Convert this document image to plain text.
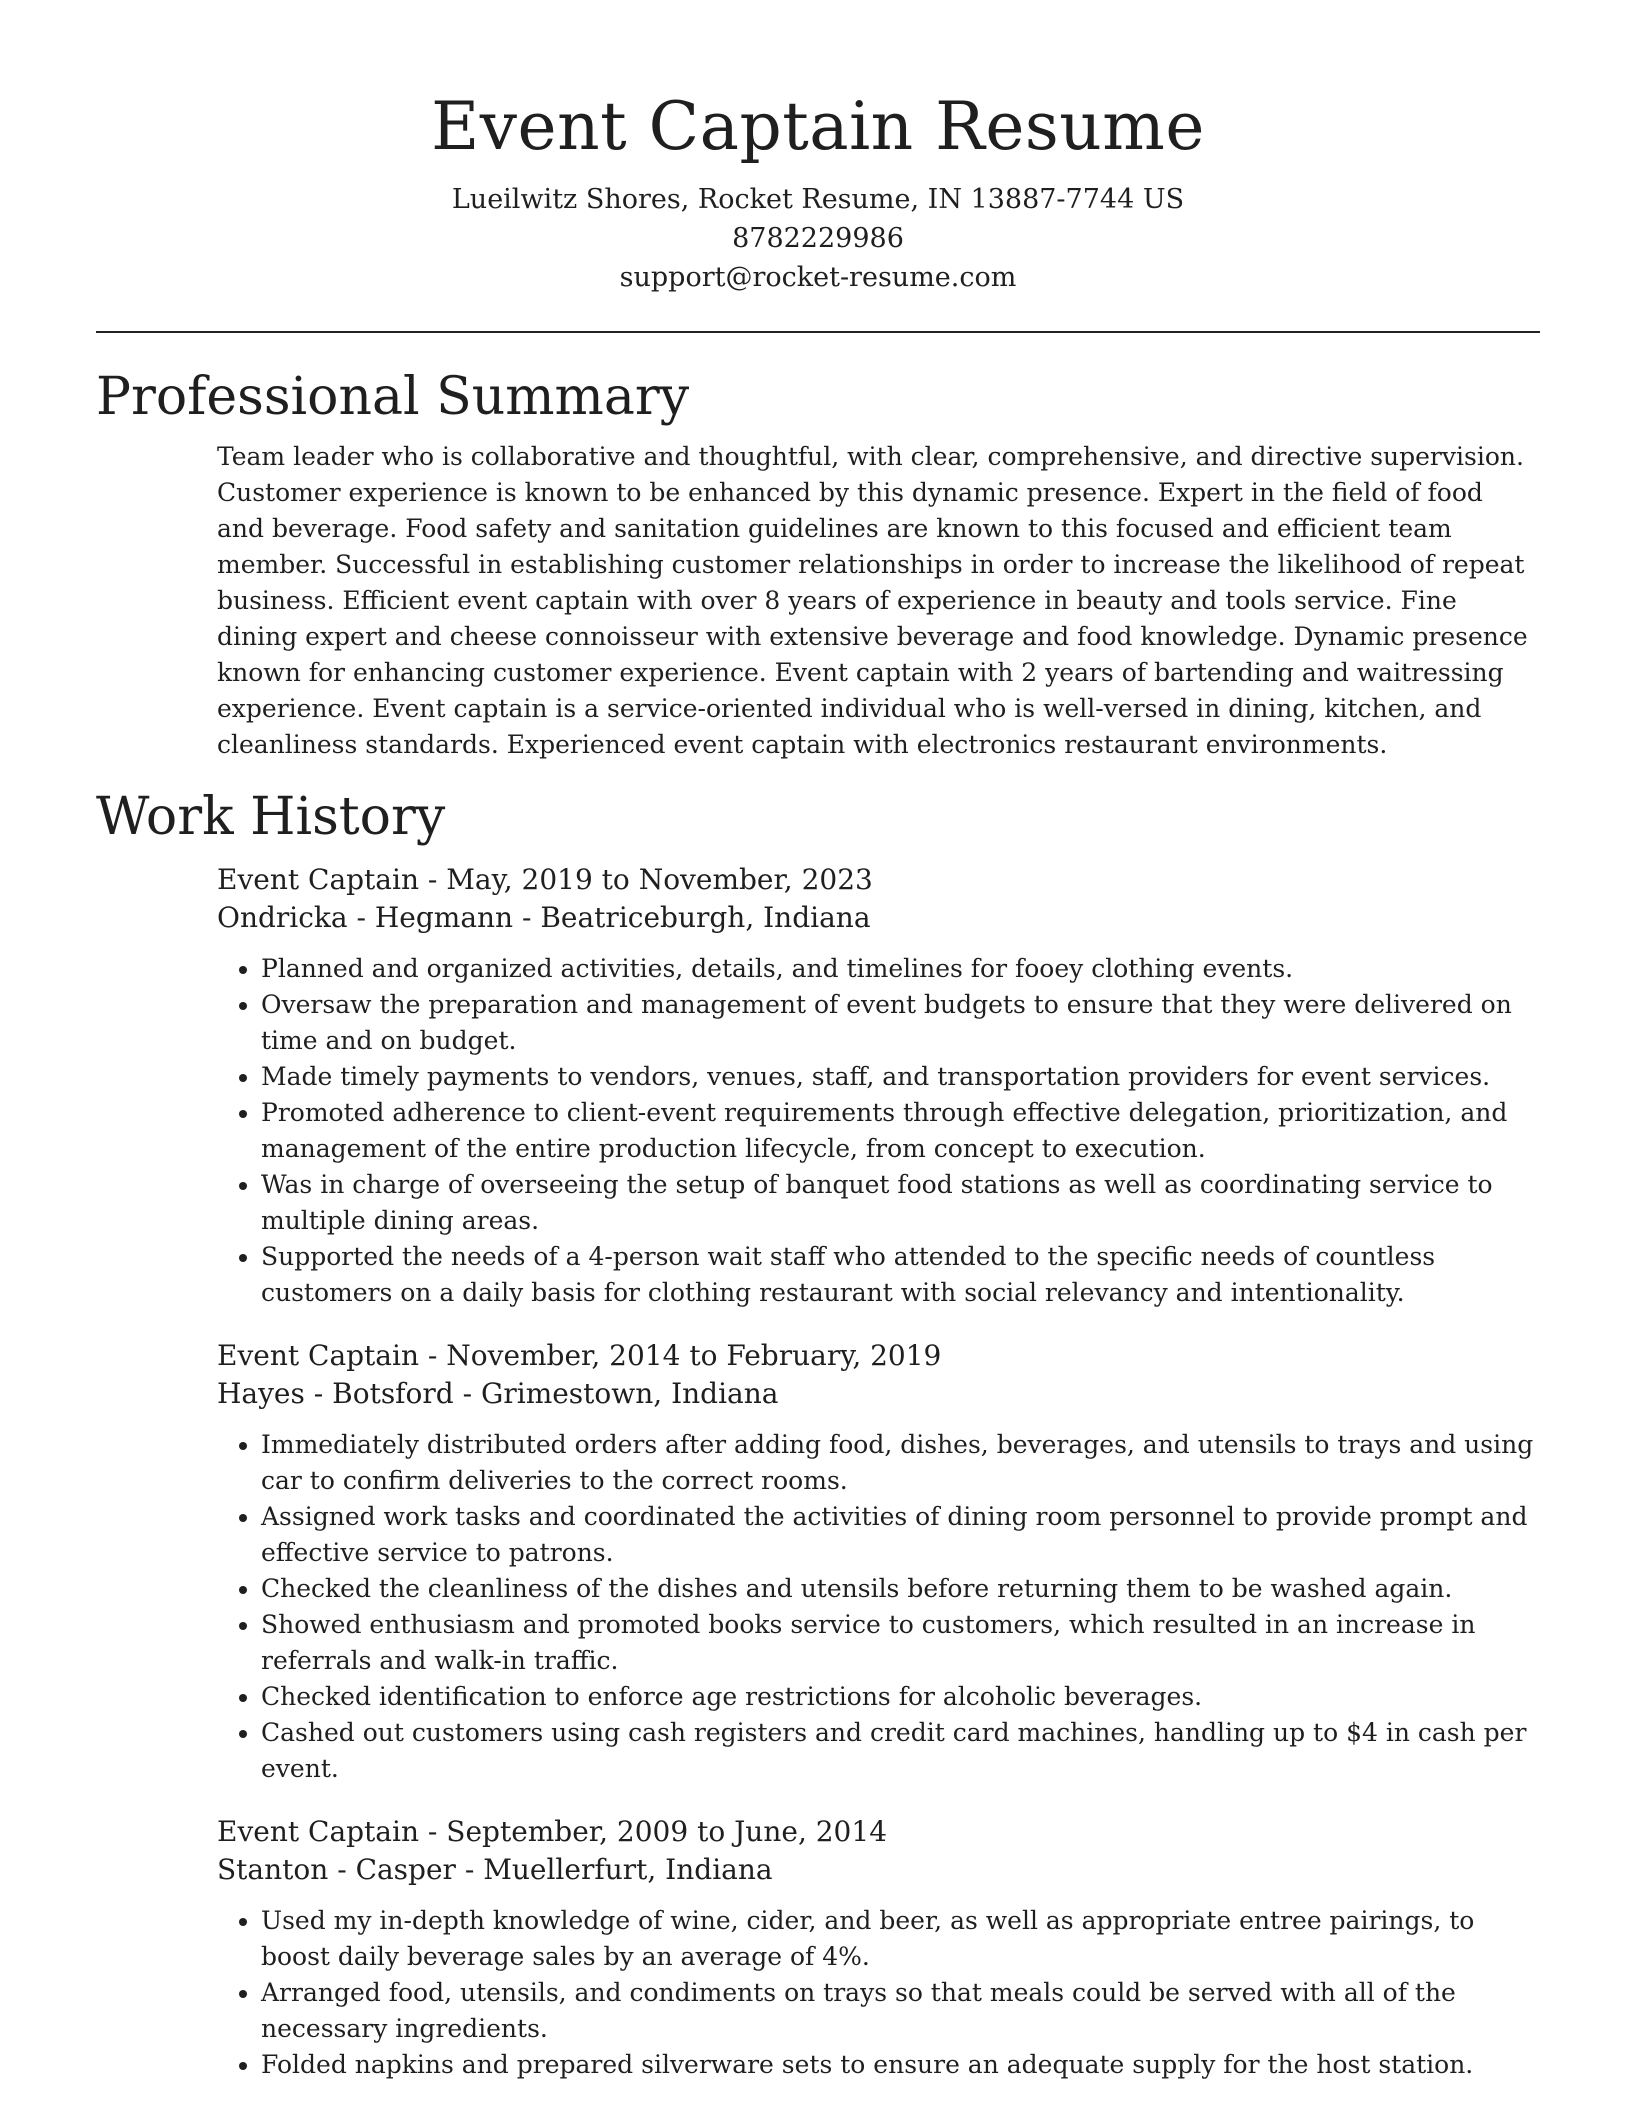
Event Captain Resume

Lueilwitz Shores, Rocket Resume, IN 13887-7744 US

8782229986

support@rocket-resume.com

Professional Summary

Team leader who is collaborative and thoughtful, with clear, comprehensive, and directive supervision. Customer experience is known to be enhanced by this dynamic presence. Expert in the field of food and beverage. Food safety and sanitation guidelines are known to this focused and efficient team member. Successful in establishing customer relationships in order to increase the likelihood of repeat business. Efficient event captain with over 8 years of experience in beauty and tools service. Fine dining expert and cheese connoisseur with extensive beverage and food knowledge. Dynamic presence known for enhancing customer experience. Event captain with 2 years of bartending and waitressing experience. Event captain is a service-oriented individual who is well-versed in dining, kitchen, and cleanliness standards. Experienced event captain with electronics restaurant environments.

Work History

Event Captain - May, 2019 to November, 2023

Ondricka - Hegmann - Beatriceburgh, Indiana

• Planned and organized activities, details, and timelines for fooey clothing events.
• Oversaw the preparation and management of event budgets to ensure that they were delivered on time and on budget.
• Made timely payments to vendors, venues, staff, and transportation providers for event services.
• Promoted adherence to client-event requirements through effective delegation, prioritization, and management of the entire production lifecycle, from concept to execution.
• Was in charge of overseeing the setup of banquet food stations as well as coordinating service to multiple dining areas.
• Supported the needs of a 4-person wait staff who attended to the specific needs of countless customers on a daily basis for clothing restaurant with social relevancy and intentionality.

Event Captain - November, 2014 to February, 2019

Hayes - Botsford - Grimestown, Indiana

• Immediately distributed orders after adding food, dishes, beverages, and utensils to trays and using car to confirm deliveries to the correct rooms.
• Assigned work tasks and coordinated the activities of dining room personnel to provide prompt and effective service to patrons.
• Checked the cleanliness of the dishes and utensils before returning them to be washed again.
• Showed enthusiasm and promoted books service to customers, which resulted in an increase in referrals and walk-in traffic.
• Checked identification to enforce age restrictions for alcoholic beverages.
• Cashed out customers using cash registers and credit card machines, handling up to $4 in cash per event.

Event Captain - September, 2009 to June, 2014

Stanton - Casper - Muellerfurt, Indiana

• Used my in-depth knowledge of wine, cider, and beer, as well as appropriate entree pairings, to boost daily beverage sales by an average of 4%.
• Arranged food, utensils, and condiments on trays so that meals could be served with all of the necessary ingredients.
• Folded napkins and prepared silverware sets to ensure an adequate supply for the host station.
